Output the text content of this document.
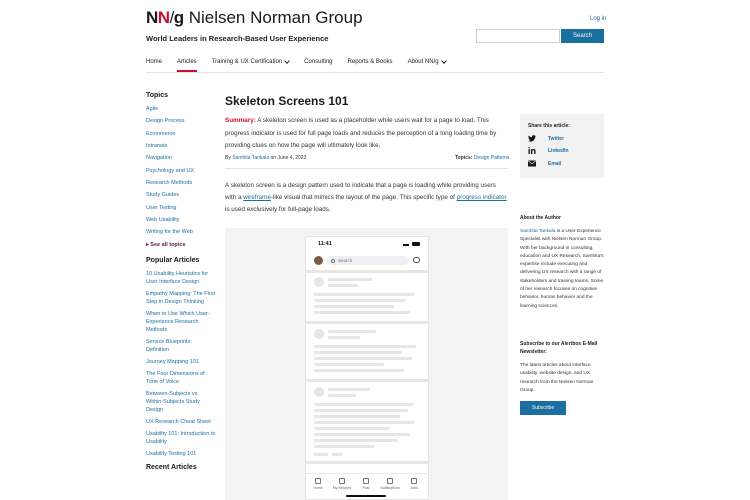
NN/g Nielsen Norman Group
World Leaders in Research-Based User Experience
Log in
Search
Home	Articles	Training & UX Certification	Consulting	Reports & Books	About NN/g
Topics
Agile
Design Process
Ecommerce
Intranets
Navigation
Psychology and UX
Research Methods
Study Guides
User Testing
Web Usability
Writing for the Web
▸ See all topics
Popular Articles
10 Usability Heuristics for User Interface Design
Empathy Mapping: The First Step in Design Thinking
When to Use Which User-Experience Research Methods
Service Blueprints: Definition
Journey Mapping 101
The Four Dimensions of Tone of Voice
Between-Subjects vs. Within-Subjects Study Design
UX Research Cheat Sheet
Usability 101: Introduction to Usability
Usability Testing 101
Recent Articles
Skeleton Screens 101

Summary: A skeleton screen is used as a placeholder while users wait for a page to load. This progress indicator is used for full page loads and reduces the perception of a long loading time by providing clues on how the page will ultimately look like.

By Samhita Tankala on June 4, 2023	Topics: Design Patterns

A skeleton screen is a design pattern used to indicate that a page is loading while providing users with a wireframe-like visual that mimics the layout of the page. This specific type of progress indicator is used exclusively for full-page loads.

11:41
Search
Home	My Network	Post	Notifications	Jobs
Share this article:
Twitter
LinkedIn
Email
About the Author

Samhita Tankala is a User Experience Specialist with Nielsen Norman Group. With her background in consulting, education and UX Research, Samhita's expertise include executing and delivering UX research with a range of stakeholders and training teams. Some of her research focuses on cognitive behavior, human behavior and the learning sciences.

Subscribe to our Alertbox E-Mail Newsletter:

The latest articles about interface usability, website design, and UX research from the Nielsen Norman Group.

Subscribe
